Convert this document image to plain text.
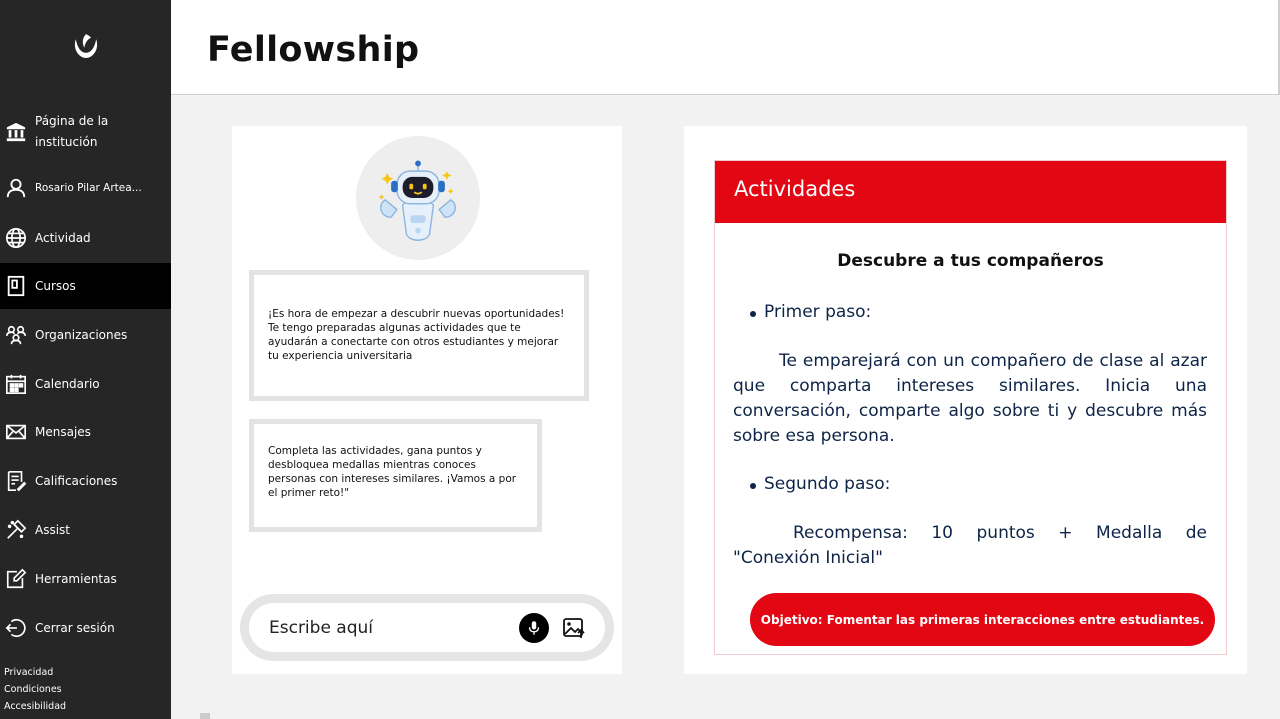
Página de la institución
Rosario Pilar Artea...
Actividad
Cursos
Organizaciones
Calendario
Mensajes
Calificaciones
Assist
Herramientas
Cerrar sesión
Privacidad
Condiciones
Accesibilidad
Fellowship
¡Es hora de empezar a descubrir nuevas oportunidades! Te tengo preparadas algunas actividades que te ayudarán a conectarte con otros estudiantes y mejorar tu experiencia universitaria
Completa las actividades, gana puntos y desbloquea medallas mientras conoces personas con intereses similares. ¡Vamos a por el primer reto!"
Escribe aquí
Actividades
Descubre a tus compañeros
Primer paso:
Te emparejará con un compañero de clase al azar que comparta intereses similares. Inicia una conversación, comparte algo sobre ti y descubre más sobre esa persona.
Segundo paso:
Recompensa: 10 puntos + Medalla de "Conexión Inicial"
Objetivo: Fomentar las primeras interacciones entre estudiantes.
